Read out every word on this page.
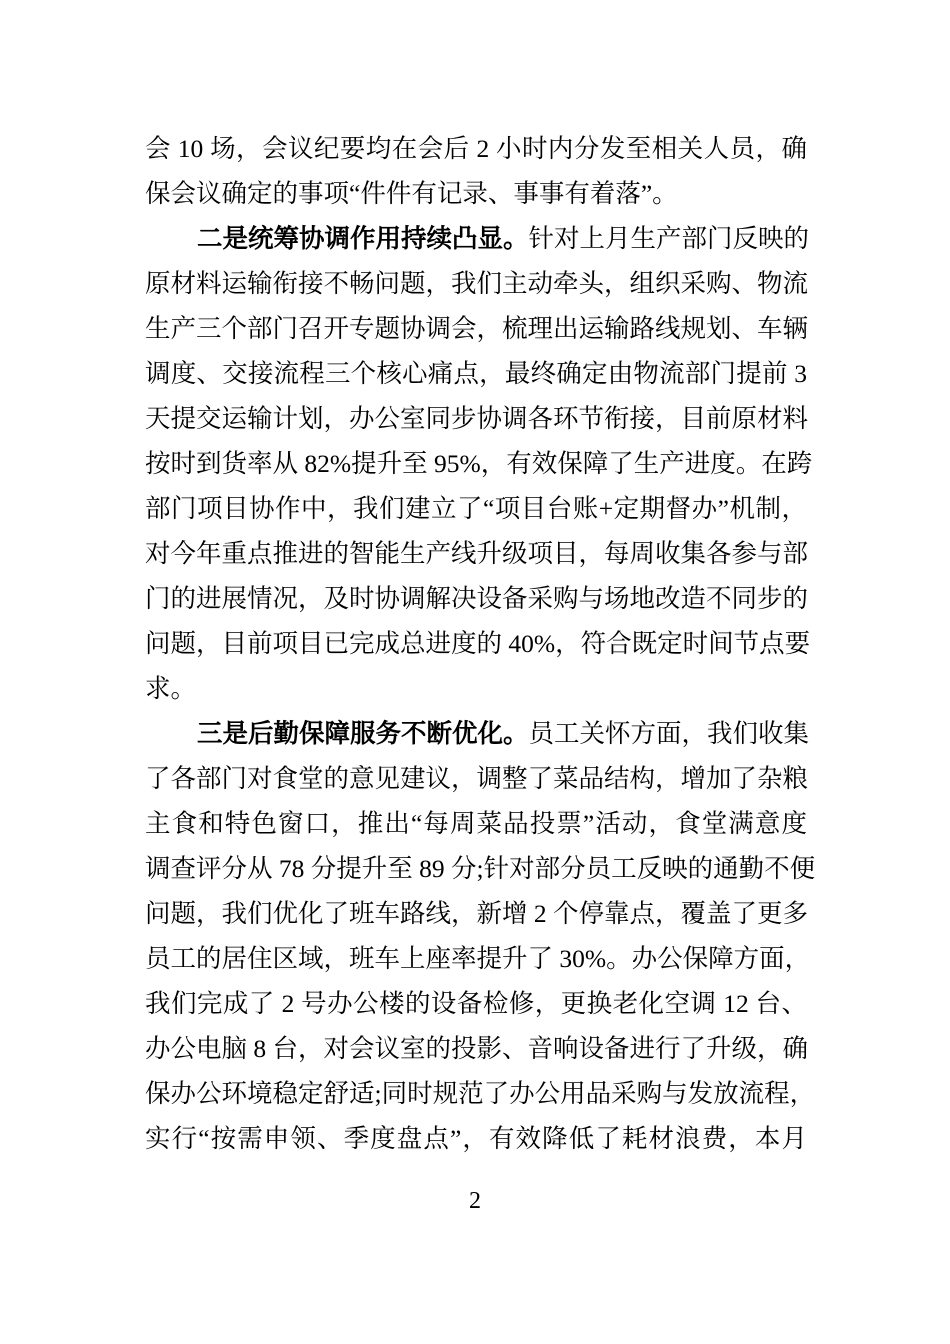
会 10 场，会议纪要均在会后 2 小时内分发至相关人员，确
保会议确定的事项“件件有记录、事事有着落”。
二是统筹协调作用持续凸显。针对上月生产部门反映的
原材料运输衔接不畅问题，我们主动牵头，组织采购、物流
生产三个部门召开专题协调会，梳理出运输路线规划、车辆
调度、交接流程三个核心痛点，最终确定由物流部门提前 3
天提交运输计划，办公室同步协调各环节衔接，目前原材料
按时到货率从 82%提升至 95%，有效保障了生产进度。在跨
部门项目协作中，我们建立了“项目台账+定期督办”机制，
对今年重点推进的智能生产线升级项目，每周收集各参与部
门的进展情况，及时协调解决设备采购与场地改造不同步的
问题，目前项目已完成总进度的 40%，符合既定时间节点要
求。
三是后勤保障服务不断优化。员工关怀方面，我们收集
了各部门对食堂的意见建议，调整了菜品结构，增加了杂粮
主食和特色窗口，推出“每周菜品投票”活动，食堂满意度
调查评分从 78 分提升至 89 分;针对部分员工反映的通勤不便
问题，我们优化了班车路线，新增 2 个停靠点，覆盖了更多
员工的居住区域，班车上座率提升了 30%。办公保障方面，
我们完成了 2 号办公楼的设备检修，更换老化空调 12 台、
办公电脑 8 台，对会议室的投影、音响设备进行了升级，确
保办公环境稳定舒适;同时规范了办公用品采购与发放流程，
实行“按需申领、季度盘点”，有效降低了耗材浪费，本月
2
